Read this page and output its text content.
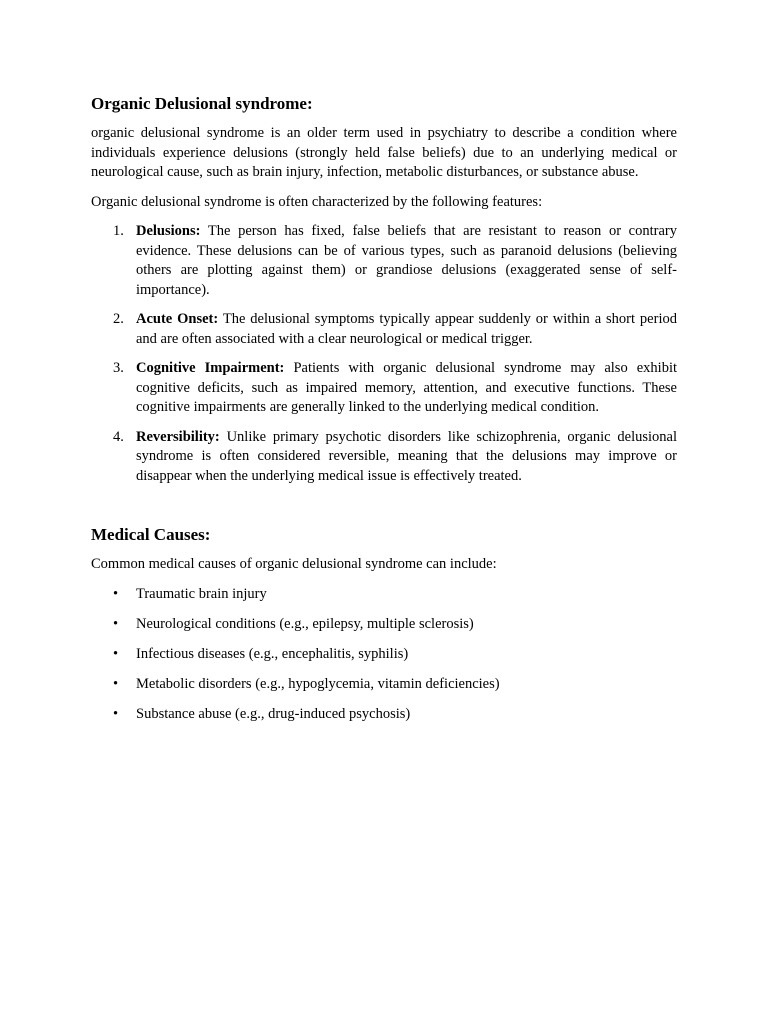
Organic Delusional syndrome:

organic delusional syndrome is an older term used in psychiatry to describe a condition where individuals experience delusions (strongly held false beliefs) due to an underlying medical or neurological cause, such as brain injury, infection, metabolic disturbances, or substance abuse.

Organic delusional syndrome is often characterized by the following features:

1. Delusions: The person has fixed, false beliefs that are resistant to reason or contrary evidence. These delusions can be of various types, such as paranoid delusions (believing others are plotting against them) or grandiose delusions (exaggerated sense of self-importance).
2. Acute Onset: The delusional symptoms typically appear suddenly or within a short period and are often associated with a clear neurological or medical trigger.
3. Cognitive Impairment: Patients with organic delusional syndrome may also exhibit cognitive deficits, such as impaired memory, attention, and executive functions. These cognitive impairments are generally linked to the underlying medical condition.
4. Reversibility: Unlike primary psychotic disorders like schizophrenia, organic delusional syndrome is often considered reversible, meaning that the delusions may improve or disappear when the underlying medical issue is effectively treated.
Medical Causes:

Common medical causes of organic delusional syndrome can include:

• Traumatic brain injury
• Neurological conditions (e.g., epilepsy, multiple sclerosis)
• Infectious diseases (e.g., encephalitis, syphilis)
• Metabolic disorders (e.g., hypoglycemia, vitamin deficiencies)
• Substance abuse (e.g., drug-induced psychosis)
